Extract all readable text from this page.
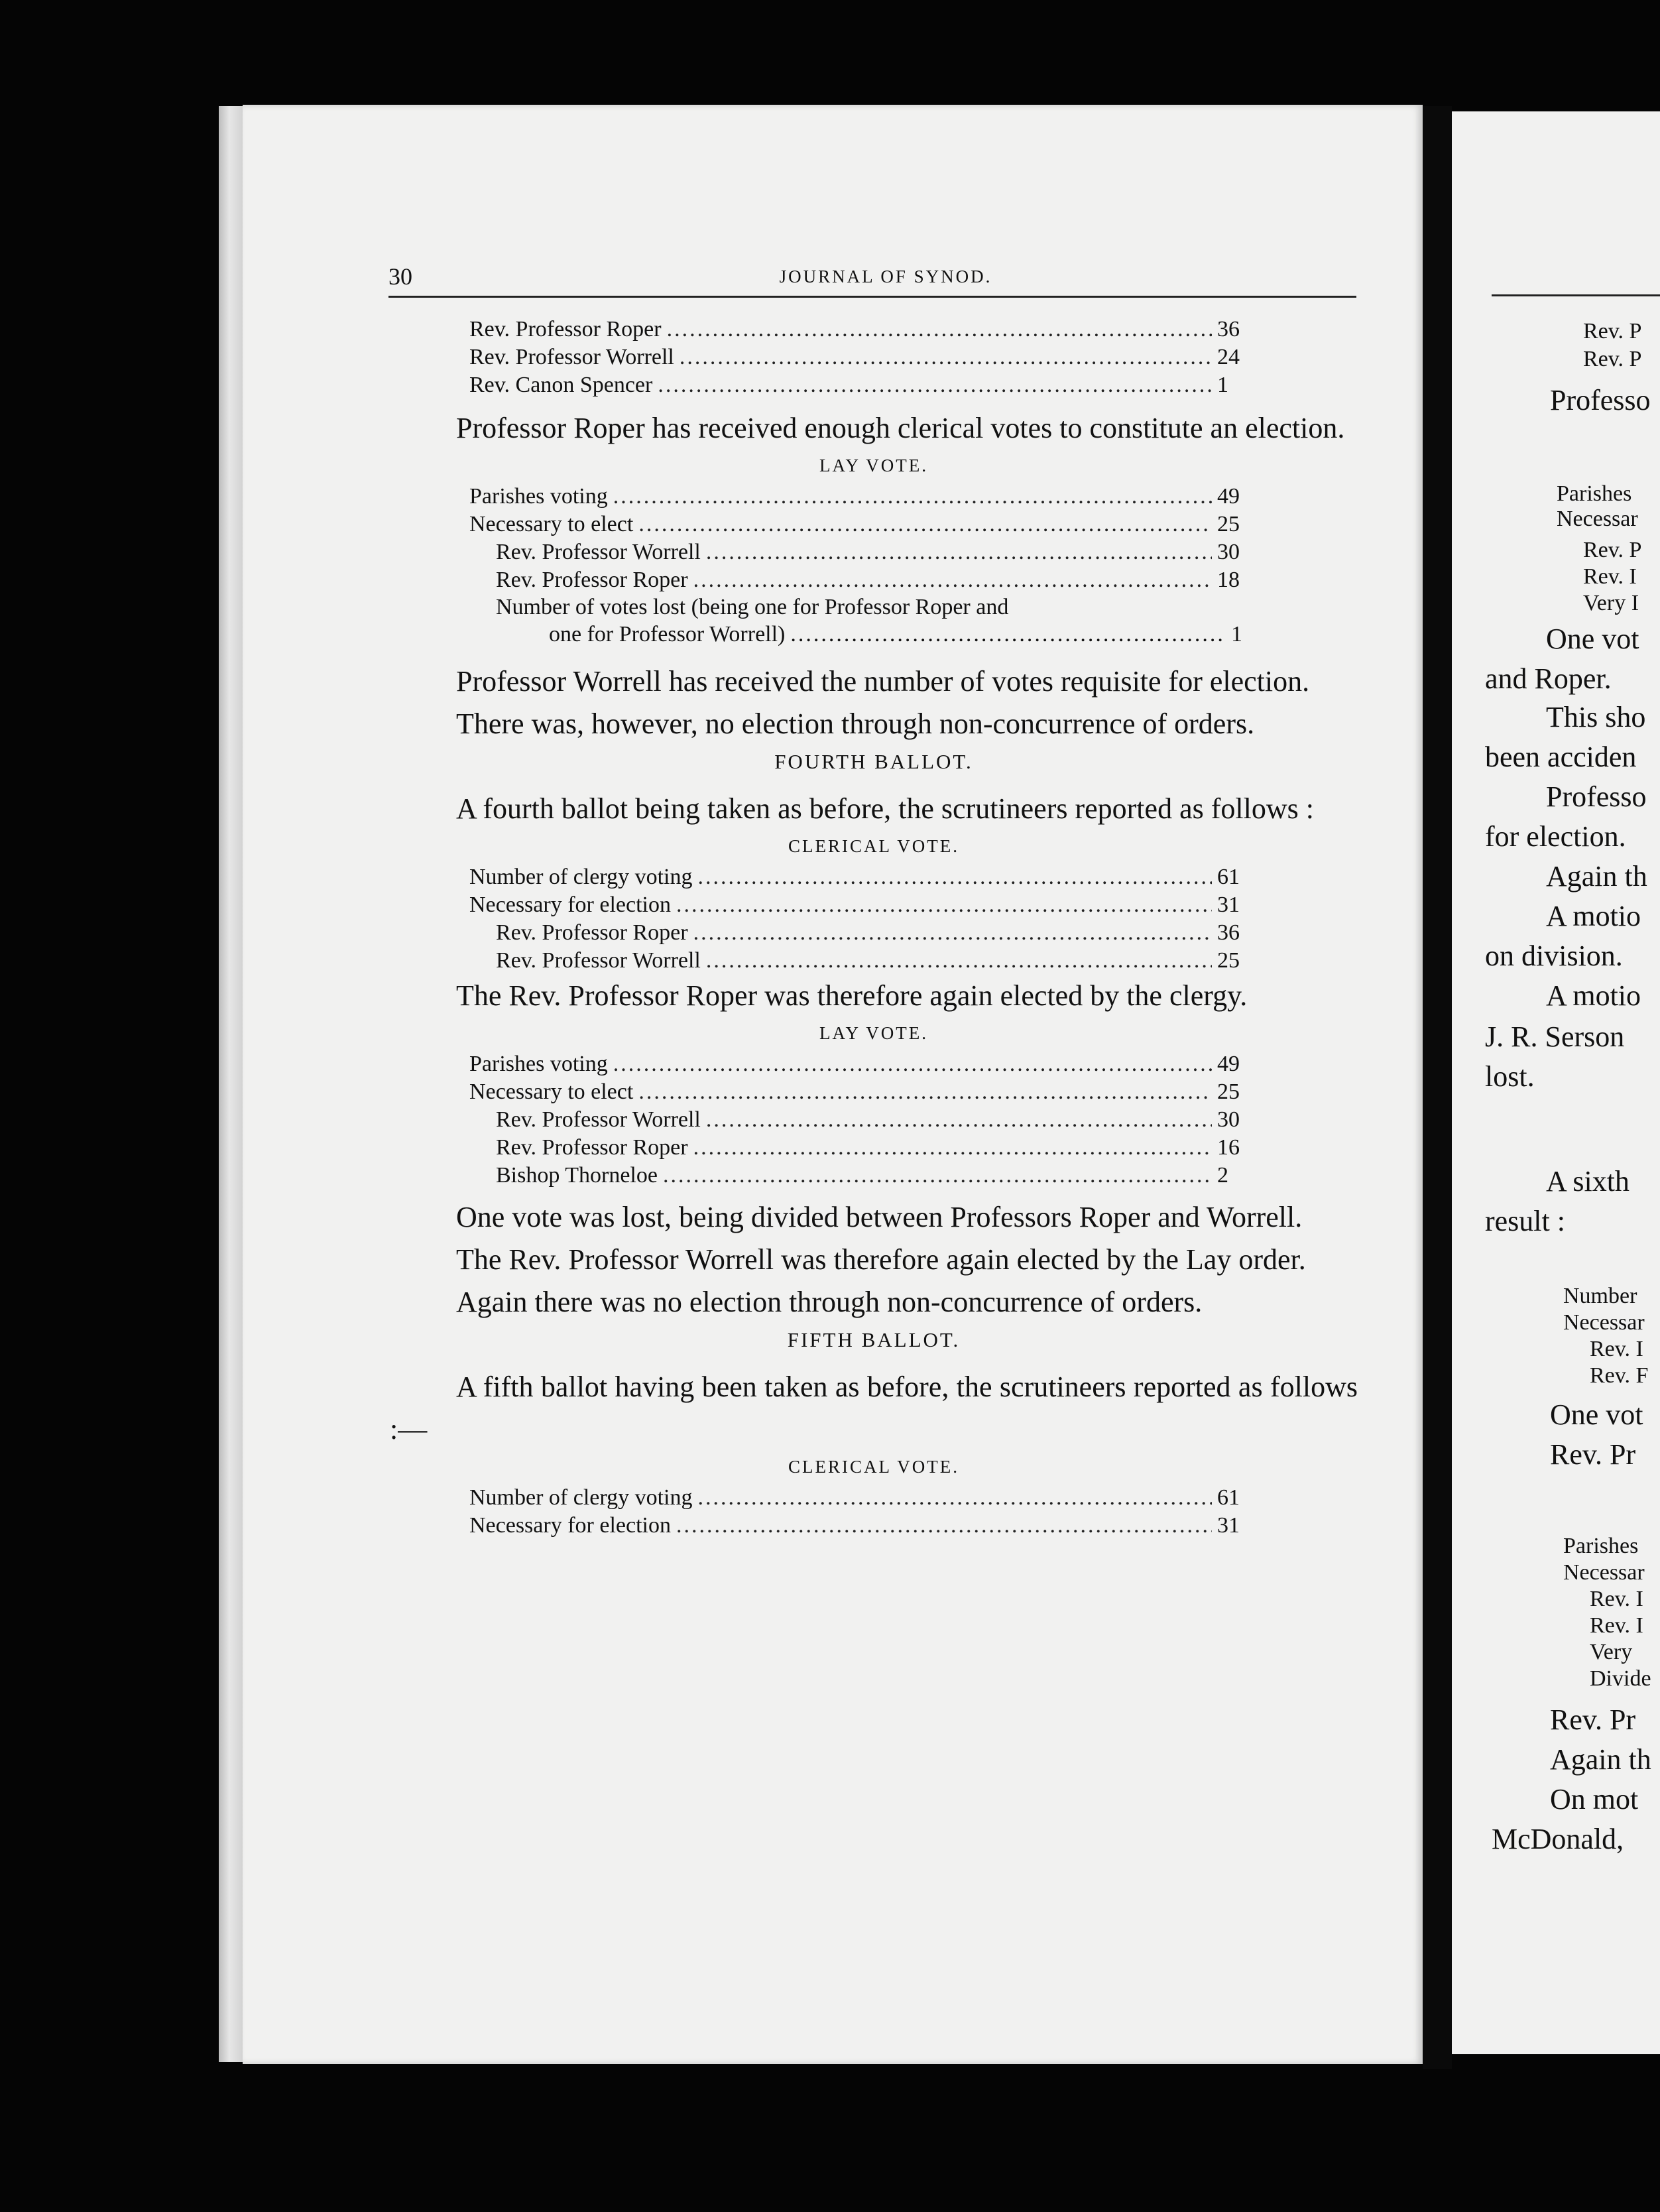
30	JOURNAL OF SYNOD.
Rev. Professor Roper .....	36
Rev. Professor Worrell .....	24
Rev. Canon Spencer .....	1

Professor Roper has received enough clerical votes to constitute an election.

LAY VOTE.
Parishes voting .....	49
Necessary to elect .....	25
Rev. Professor Worrell .....	30
Rev. Professor Roper .....	18
Number of votes lost (being one for Professor Roper and
one for Professor Worrell) .....	1

Professor Worrell has received the number of votes requisite for election.

There was, however, no election through non-concurrence of orders.

FOURTH BALLOT.

A fourth ballot being taken as before, the scrutineers reported as follows :

CLERICAL VOTE.
Number of clergy voting .....	61
Necessary for election .....	31
Rev. Professor Roper .....	36
Rev. Professor Worrell .....	25

The Rev. Professor Roper was therefore again elected by the clergy.

LAY VOTE.
Parishes voting .....	49
Necessary to elect .....	25
Rev. Professor Worrell .....	30
Rev. Professor Roper .....	16
Bishop Thorneloe .....	2

One vote was lost, being divided between Professors Roper and Worrell.

The Rev. Professor Worrell was therefore again elected by the Lay order.

Again there was no election through non-concurrence of orders.

FIFTH BALLOT.

A fifth ballot having been taken as before, the scrutineers reported as follows :—

CLERICAL VOTE.
Number of clergy voting .....	61
Necessary for election .....	31
Rev. P
Rev. P
Professo
Parishes
Necessar
Rev. P
Rev. I
Very I
One vot
and Roper.
This sho
been acciden
Professo
for election.
Again th
A motio
on division.
A motio
J. R. Serson
lost.
A sixth
result :
Number
Necessar
Rev. I
Rev. F
One vot
Rev. Pr
Parishes
Necessar
Rev. I
Rev. I
Very
Divide
Rev. Pr
Again th
On mot
McDonald,
